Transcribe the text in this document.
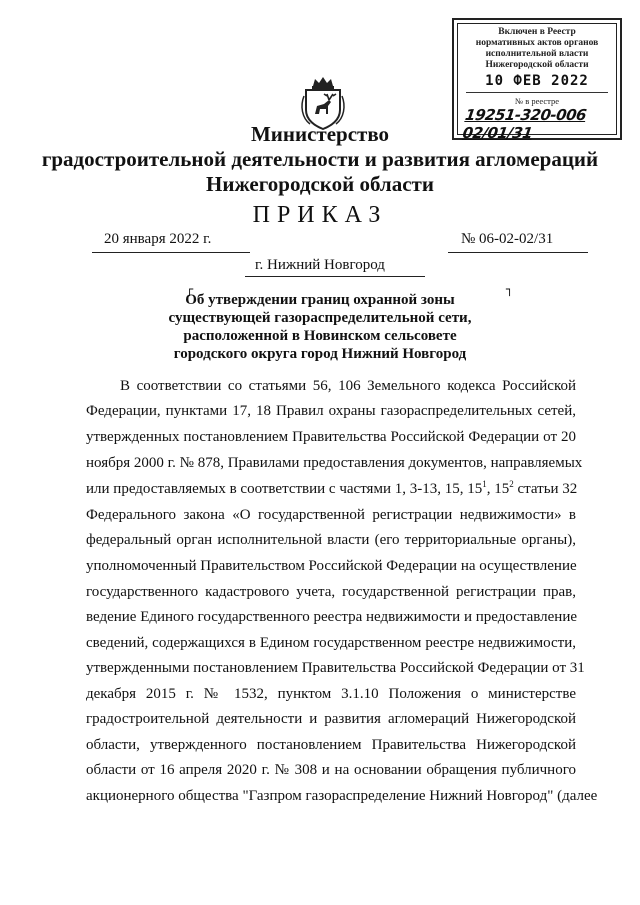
Включен в Реестр
нормативных актов органов
исполнительной власти
Нижегородской области
10 ФЕВ 2022
№ в реестре
19251-320-006 02/01/31
Министерство
градостроительной деятельности и развития агломераций
Нижегородской области
ПРИКАЗ
20 января 2022 г.	№ 06-02-02/31
г. Нижний Новгород
┌	┐
Об утверждении границ охранной зоны
существующей газораспределительной сети,
расположенной в Новинском сельсовете
городского округа город Нижний Новгород
В соответствии со статьями 56, 106 Земельного кодекса Российской
Федерации, пунктами 17, 18 Правил охраны газораспределительных сетей,
утвержденных постановлением Правительства Российской Федерации от 20
ноября 2000 г. № 878, Правилами предоставления документов, направляемых
или предоставляемых в соответствии с частями 1, 3-13, 15, $15^1$, $15^2$ статьи 32
Федерального закона «О государственной регистрации недвижимости» в
федеральный орган исполнительной власти (его территориальные органы),
уполномоченный Правительством Российской Федерации на осуществление
государственного кадастрового учета, государственной регистрации прав,
ведение Единого государственного реестра недвижимости и предоставление
сведений, содержащихся в Едином государственном реестре недвижимости,
утвержденными постановлением Правительства Российской Федерации от 31
декабря 2015 г. № 1532, пунктом 3.1.10 Положения о министерстве
градостроительной деятельности и развития агломераций Нижегородской
области, утвержденного постановлением Правительства Нижегородской
области от 16 апреля 2020 г. № 308 и на основании обращения публичного
акционерного общества "Газпром газораспределение Нижний Новгород" (далее
